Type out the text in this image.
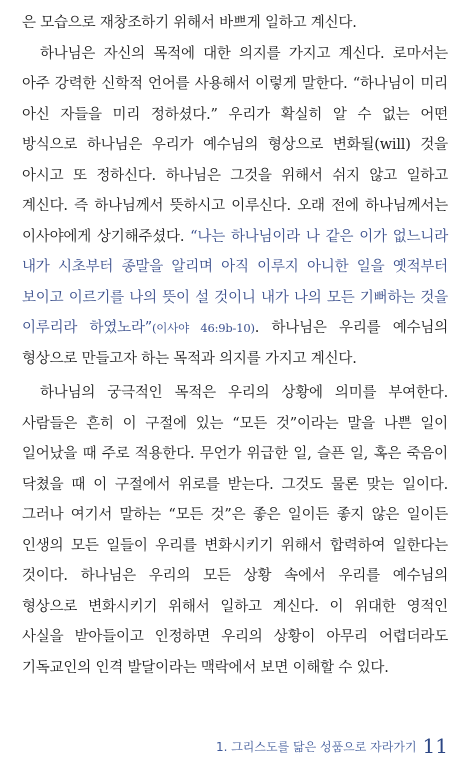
은 모습으로 재창조하기 위해서 바쁘게 일하고 계신다.

하나님은 자신의 목적에 대한 의지를 가지고 계신다. 로마서는 아주 강력한 신학적 언어를 사용해서 이렇게 말한다. “하나님이 미리 아신 자들을 미리 정하셨다.” 우리가 확실히 알 수 없는 어떤 방식으로 하나님은 우리가 예수님의 형상으로 변화될(will) 것을 아시고 또 정하신다. 하나님은 그것을 위해서 쉬지 않고 일하고 계신다. 즉 하나님께서 뜻하시고 이루신다. 오래 전에 하나님께서는 이사야에게 상기해주셨다. “나는 하나님이라 나 같은 이가 없느니라 내가 시초부터 종말을 알리며 아직 이루지 아니한 일을 옛적부터 보이고 이르기를 나의 뜻이 설 것이니 내가 나의 모든 기뻐하는 것을 이루리라 하였노라”(이사야 46:9b-10). 하나님은 우리를 예수님의 형상으로 만들고자 하는 목적과 의지를 가지고 계신다.

하나님의 궁극적인 목적은 우리의 상황에 의미를 부여한다. 사람들은 흔히 이 구절에 있는 “모든 것”이라는 말을 나쁜 일이 일어났을 때 주로 적용한다. 무언가 위급한 일, 슬픈 일, 혹은 죽음이 닥쳤을 때 이 구절에서 위로를 받는다. 그것도 물론 맞는 일이다. 그러나 여기서 말하는 “모든 것”은 좋은 일이든 좋지 않은 일이든 인생의 모든 일들이 우리를 변화시키기 위해서 합력하여 일한다는 것이다. 하나님은 우리의 모든 상황 속에서 우리를 예수님의 형상으로 변화시키기 위해서 일하고 계신다. 이 위대한 영적인 사실을 받아들이고 인정하면 우리의 상황이 아무리 어렵더라도 기독교인의 인격 발달이라는 맥락에서 보면 이해할 수 있다.

1. 그리스도를 닮은 성품으로 자라가기 11
